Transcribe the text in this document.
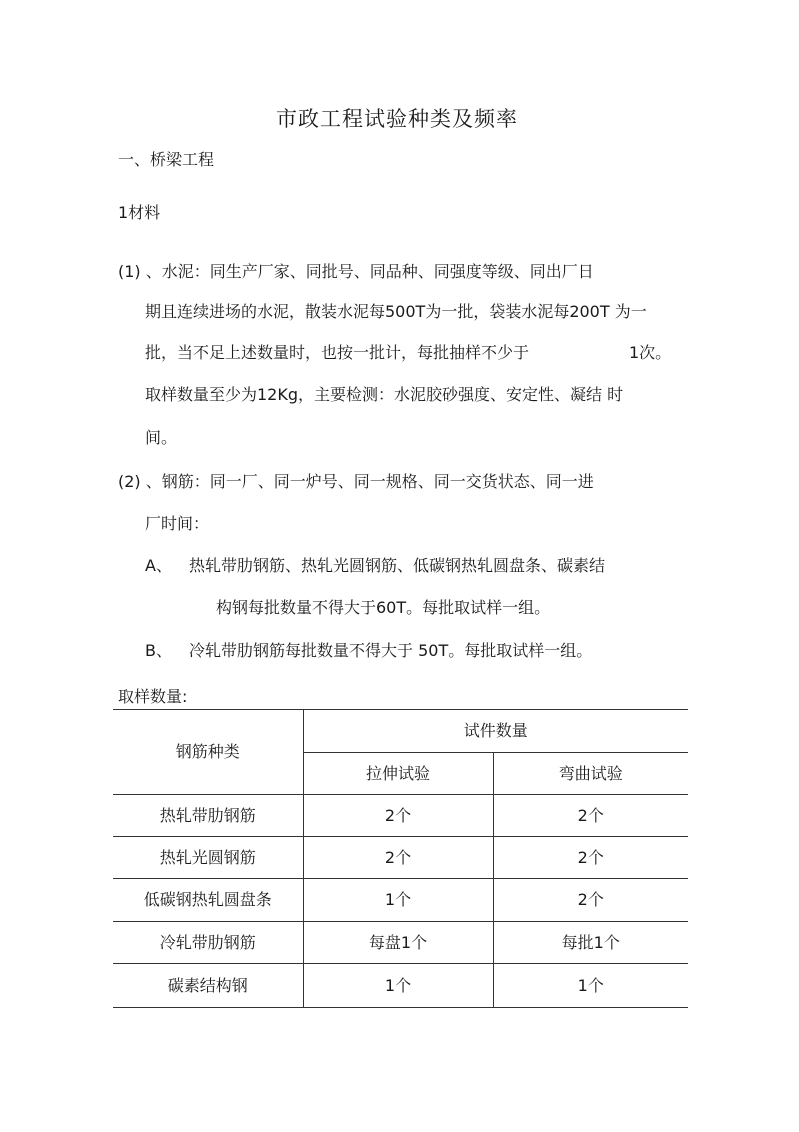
市政工程试验种类及频率
一、桥梁工程
1材料
(1) 、水泥：同生产厂家、同批号、同品种、同强度等级、同出厂日
期且连续进场的水泥，散装水泥每500T为一批，袋装水泥每200T 为一
批，当不足上述数量时，也按一批计，每批抽样不少于	1次。
取样数量至少为12Kg，主要检测：水泥胶砂强度、安定性、凝结 时
间。
(2) 、钢筋：同一厂、同一炉号、同一规格、同一交货状态、同一进
厂时间：
A、 热轧带肋钢筋、热轧光圆钢筋、低碳钢热轧圆盘条、碳素结
构钢每批数量不得大于60T。每批取试样一组。
B、 冷轧带肋钢筋每批数量不得大于 50T。每批取试样一组。
取样数量:
钢筋种类	试件数量	
	拉伸试验	弯曲试验
热轧带肋钢筋	2个	2个
热轧光圆钢筋	2个	2个
低碳钢热轧圆盘条	1个	2个
冷轧带肋钢筋	每盘1个	每批1个
碳素结构钢	1个	1个
